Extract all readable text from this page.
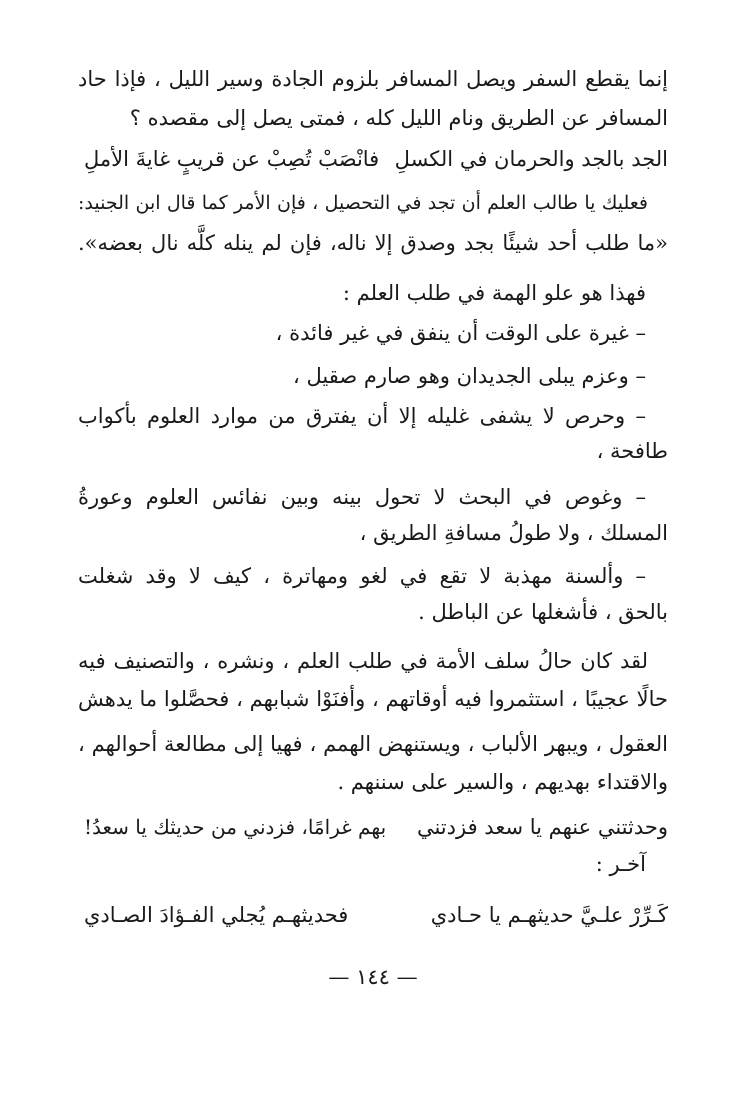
إنما يقطع السفر ويصل المسافر بلزوم الجادة وسير الليل ، فإذا حاد
المسافر عن الطريق ونام الليل كله ، فمتى يصل إلى مقصده ؟
الجد بالجد والحرمان في الكسلِ
فانْصَبْ تُصِبْ عن قريبٍ غايةَ الأملِ
فعليك يا طالب العلم أن تجد في التحصيل ، فإن الأمر كما قال ابن الجنيد:
«ما طلب أحد شيئًا بجد وصدق إلا ناله، فإن لم ينله كلَّه نال بعضه».
فهذا هو علو الهمة في طلب العلم :
– غيرة على الوقت أن ينفق في غير فائدة ،
– وعزم يبلى الجديدان وهو صارم صقيل ،
– وحرص لا يشفى غليله إلا أن يفترق من موارد العلوم بأكواب
طافحة ،
– وغوص في البحث لا تحول بينه وبين نفائس العلوم وعورةُ
المسلك ، ولا طولُ مسافةِ الطريق ،
– وألسنة مهذبة لا تقع في لغو ومهاترة ، كيف لا وقد شغلت
بالحق ، فأشغلها عن الباطل .
لقد كان حالُ سلف الأمة في طلب العلم ، ونشره ، والتصنيف فيه
حالًا عجيبًا ، استثمروا فيه أوقاتهم ، وأفنَوْا شبابهم ، فحصَّلوا ما يدهش
العقول ، ويبهر الألباب ، ويستنهض الهمم ، فهيا إلى مطالعة أحوالهم ،
والاقتداء بهديهم ، والسير على سننهم .
وحدثتني عنهم يا سعد فزدتني
بهم غرامًا، فزدني من حديثك يا سعدُ!
آخـر :
كَـرِّرْ علـيَّ حديثهـم يا حـادي
فحديثهـم يُجلي الفـؤادَ الصـادي
— ١٤٤ —
